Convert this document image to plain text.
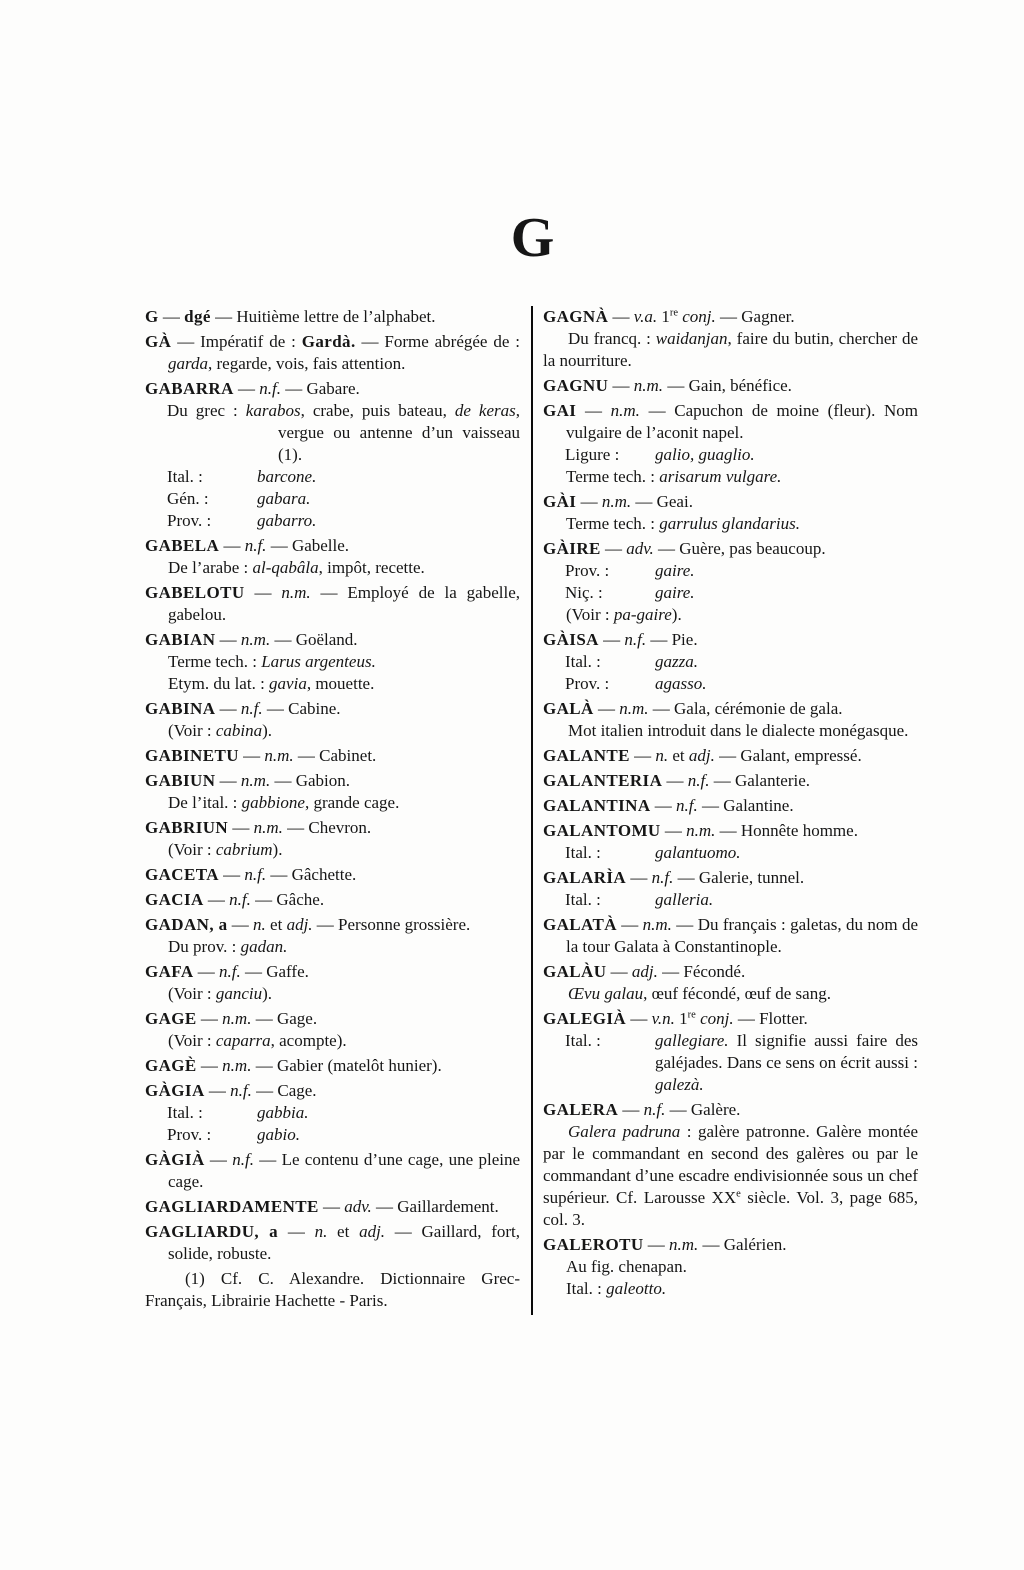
G

G — dgé — Huitième lettre de l’alphabet.

GÀ — Impératif de : Gardà. — Forme abrégée de : garda, regarde, vois, fais attention.

GABARRA — n.f. — Gabare.

Du grec : karabos, crabe, puis bateau, de keras, vergue ou antenne d’un vaisseau (1).

Ital. :	barcone.

Gén. :	gabara.

Prov. :	gabarro.

GABELA — n.f. — Gabelle.

De l’arabe : al-qabâla, impôt, recette.

GABELOTU — n.m. — Employé de la gabelle, gabelou.

GABIAN — n.m. — Goëland.

Terme tech. : Larus argenteus.

Etym. du lat. : gavia, mouette.

GABINA — n.f. — Cabine.

(Voir : cabina).

GABINETU — n.m. — Cabinet.

GABIUN — n.m. — Gabion.

De l’ital. : gabbione, grande cage.

GABRIUN — n.m. — Chevron.

(Voir : cabrium).

GACETA — n.f. — Gâchette.

GACIA — n.f. — Gâche.

GADAN, a — n. et adj. — Personne grossière.

Du prov. : gadan.

GAFA — n.f. — Gaffe.

(Voir : ganciu).

GAGE — n.m. — Gage.

(Voir : caparra, acompte).

GAGÈ — n.m. — Gabier (matelôt hunier).

GÀGIA — n.f. — Cage.

Ital. :	gabbia.

Prov. :	gabio.

GÀGIÀ — n.f. — Le contenu d’une cage, une pleine cage.

GAGLIARDAMENTE — adv. — Gaillardement.

GAGLIARDU, a — n. et adj. — Gaillard, fort, solide, robuste.

(1) Cf. C. Alexandre. Dictionnaire Grec-Français, Librairie Hachette - Paris.

GAGNÀ — v.a. 1re conj. — Gagner.

Du francq. : waidanjan, faire du butin, chercher de la nourriture.

GAGNU — n.m. — Gain, bénéfice.

GAI — n.m. — Capuchon de moine (fleur). Nom vulgaire de l’aconit napel.

Ligure :	galio, guaglio.

Terme tech. : arisarum vulgare.

GÀI — n.m. — Geai.

Terme tech. : garrulus glandarius.

GÀIRE — adv. — Guère, pas beaucoup.

Prov. :	gaire.

Niç. :	gaire.

(Voir : pa-gaire).

GÀISA — n.f. — Pie.

Ital. :	gazza.

Prov. :	agasso.

GALÀ — n.m. — Gala, cérémonie de gala.

Mot italien introduit dans le dialecte monégasque.

GALANTE — n. et adj. — Galant, empressé.

GALANTERIA — n.f. — Galanterie.

GALANTINA — n.f. — Galantine.

GALANTOMU — n.m. — Honnête homme.

Ital. :	galantuomo.

GALARÌA — n.f. — Galerie, tunnel.

Ital. :	galleria.

GALATÀ — n.m. — Du français : galetas, du nom de la tour Galata à Constantinople.

GALÀU — adj. — Fécondé.

Œvu galau, œuf fécondé, œuf de sang.

GALEGIÀ — v.n. 1re conj. — Flotter.

Ital. :	gallegiare. Il signifie aussi faire des galéjades. Dans ce sens on écrit aussi : galezà.

GALERA — n.f. — Galère.

Galera padruna : galère patronne. Galère montée par le commandant en second des galères ou par le commandant d’une escadre endivisionnée sous un chef supérieur. Cf. Larousse XXe siècle. Vol. 3, page 685, col. 3.

GALEROTU — n.m. — Galérien.

Au fig. chenapan.

Ital. : galeotto.
